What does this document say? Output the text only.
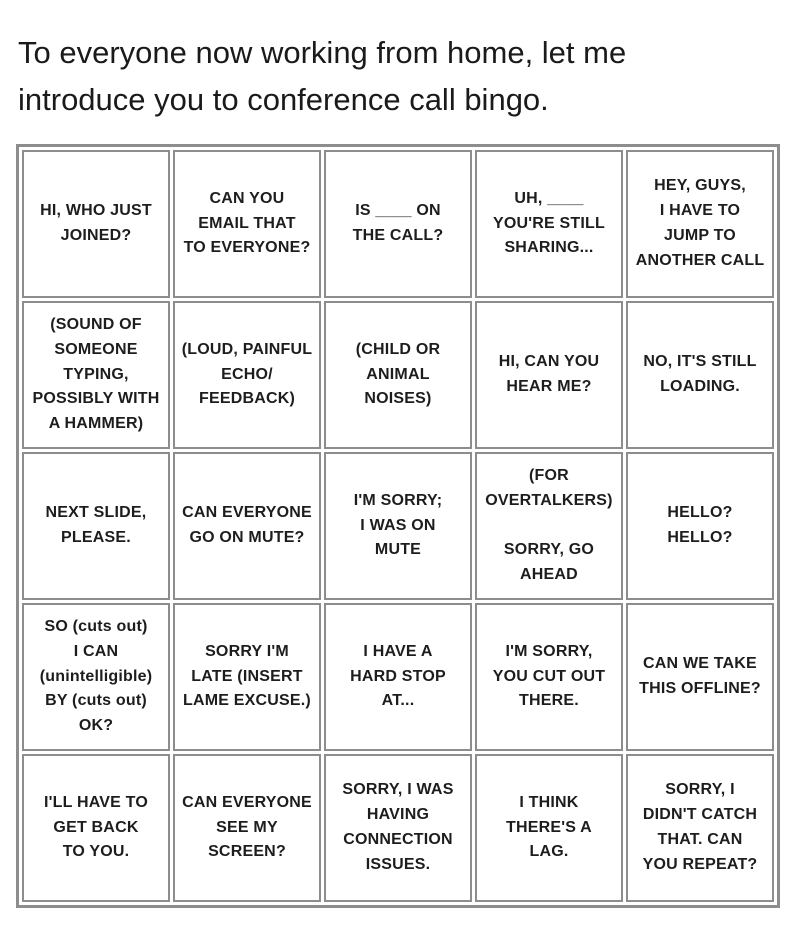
To everyone now working from home, let me
introduce you to conference call bingo.
HI, WHO JUST
JOINED?
CAN YOU
EMAIL THAT
TO EVERYONE?
IS ____ ON
THE CALL?
UH, ____
YOU'RE STILL
SHARING...
HEY, GUYS,
I HAVE TO
JUMP TO
ANOTHER CALL
(SOUND OF
SOMEONE
TYPING,
POSSIBLY WITH
A HAMMER)
(LOUD, PAINFUL
ECHO/
FEEDBACK)
(CHILD OR
ANIMAL
NOISES)
HI, CAN YOU
HEAR ME?
NO, IT'S STILL
LOADING.
NEXT SLIDE,
PLEASE.
CAN EVERYONE
GO ON MUTE?
I'M SORRY;
I WAS ON
MUTE
(FOR
OVERTALKERS)

SORRY, GO
AHEAD
HELLO?
HELLO?
SO (cuts out)
I CAN
(unintelligible)
BY (cuts out)
OK?
SORRY I'M
LATE (INSERT
LAME EXCUSE.)
I HAVE A
HARD STOP
AT...
I'M SORRY,
YOU CUT OUT
THERE.
CAN WE TAKE
THIS OFFLINE?
I'LL HAVE TO
GET BACK
TO YOU.
CAN EVERYONE
SEE MY
SCREEN?
SORRY, I WAS
HAVING
CONNECTION
ISSUES.
I THINK
THERE'S A
LAG.
SORRY, I
DIDN'T CATCH
THAT. CAN
YOU REPEAT?
